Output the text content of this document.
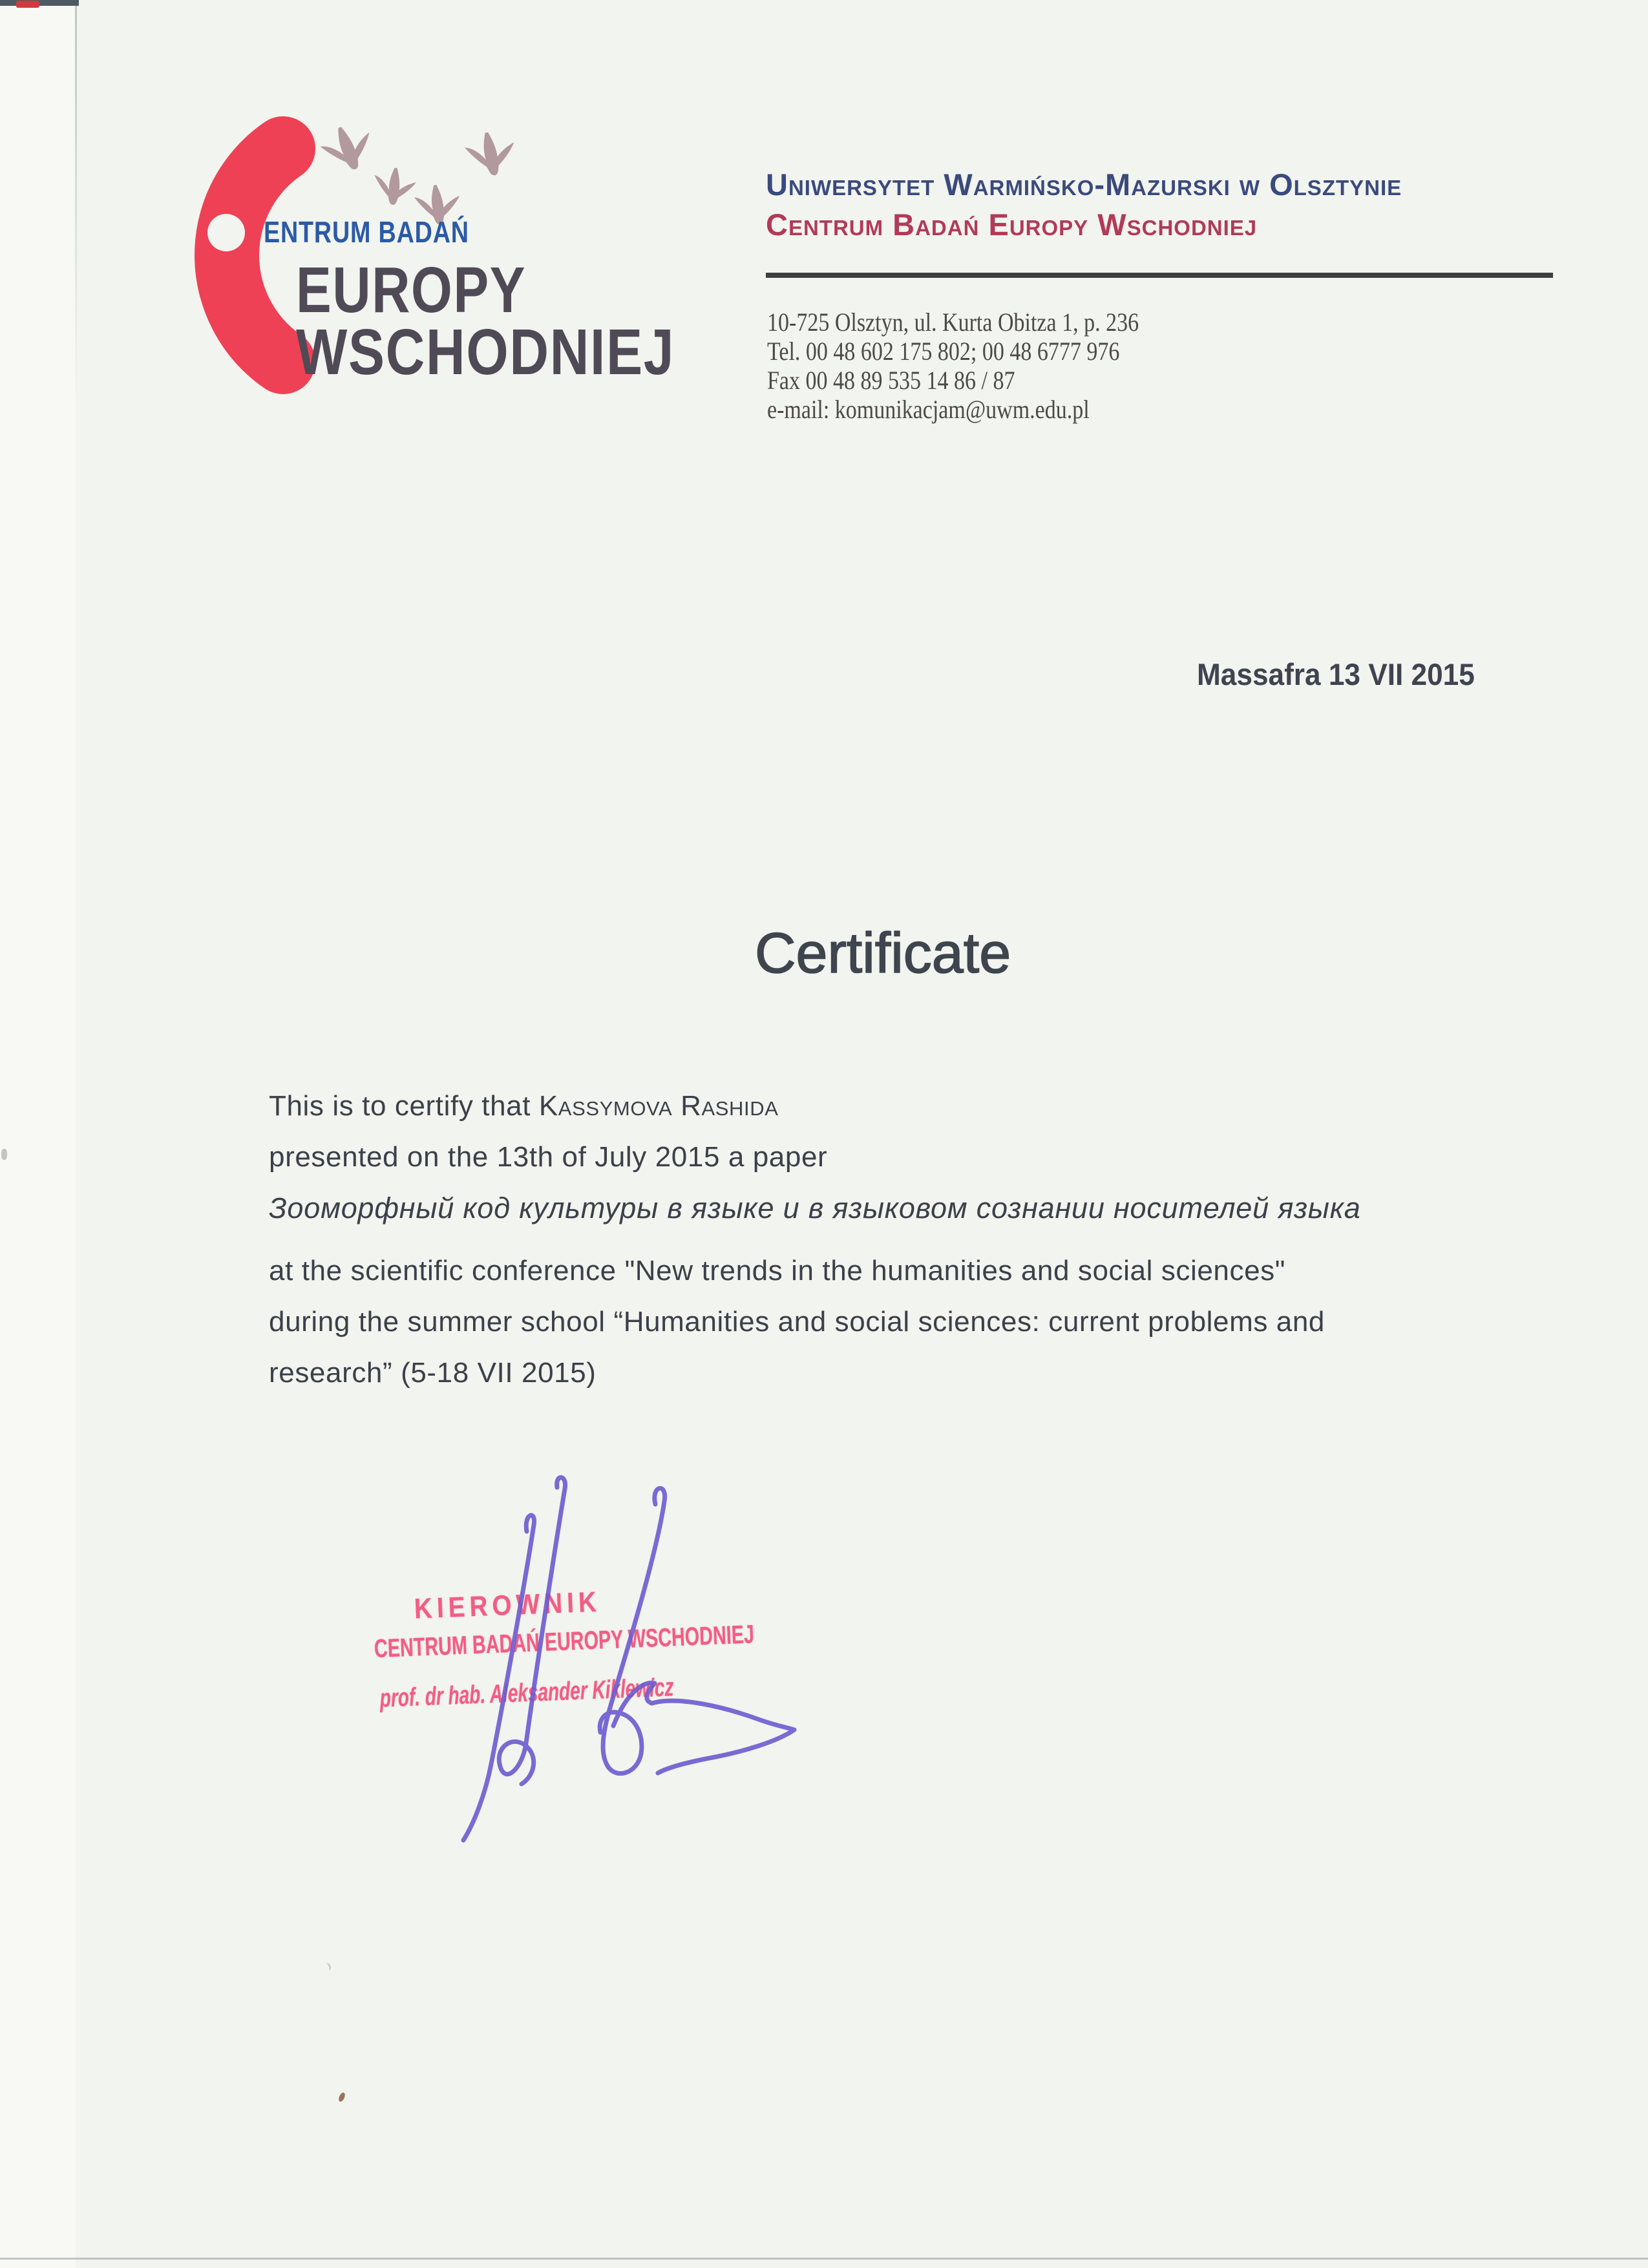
ENTRUM BADAŃ
EUROPY
WSCHODNIEJ
Uniwersytet Warmińsko-Mazurski w Olsztynie
Centrum Badań Europy Wschodniej
10-725 Olsztyn, ul. Kurta Obitza 1, p. 236
Tel. 00 48 602 175 802; 00 48 6777 976
Fax 00 48 89 535 14 86 / 87
e-mail: komunikacjam@uwm.edu.pl
Massafra 13 VII 2015
Certificate
This is to certify that Kassymova Rashida
presented on the 13th of July 2015 a paper
Зооморфный код культуры в языке и в языковом сознании носителей языка
at the scientific conference "New trends in the humanities and social sciences"
during the summer school “Humanities and social sciences: current problems and
research” (5-18 VII 2015)
KIEROWNIK
CENTRUM BADAŃ EUROPY WSCHODNIEJ
prof. dr hab. Aleksander Kiklewicz
